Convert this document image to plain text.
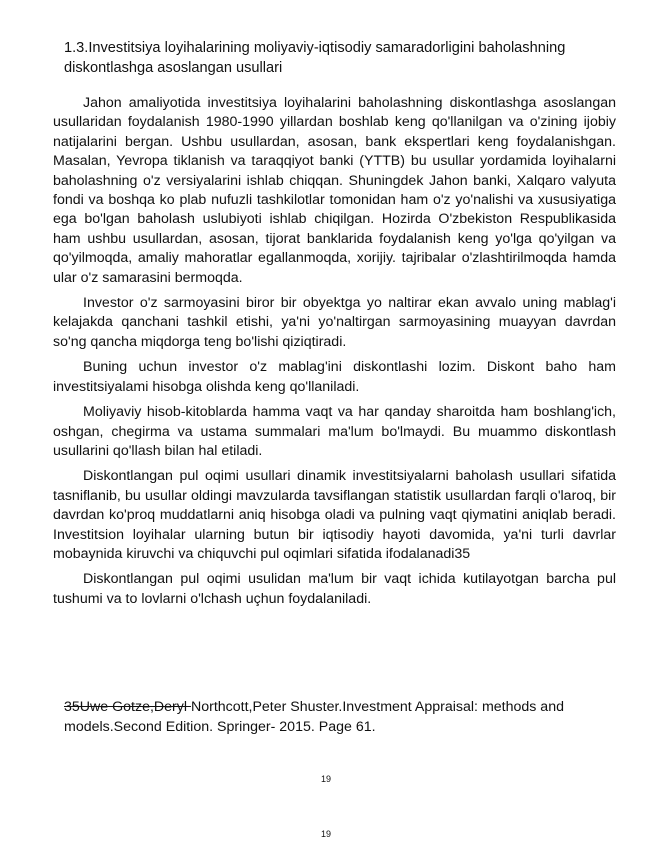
1.3.Investitsiya loyihalarining moliyaviy-iqtisodiy samaradorligini baholashning diskontlashga asoslangan usullari

Jahon amaliyotida investitsiya loyihalarini baholashning diskontlashga asoslangan usullaridan foydalanish 1980-1990 yillardan boshlab keng qo'llanilgan va o'zining ijobiy natijalarini bergan. Ushbu usullardan, asosan, bank ekspertlari keng foydalanishgan. Masalan, Yevropa tiklanish va taraqqiyot banki (YTTB) bu usullar yordamida loyihalarni baholashning o'z versiyalarini ishlab chiqqan. Shuningdek Jahon banki, Xalqaro valyuta fondi va boshqa ko plab nufuzli tashkilotlar tomonidan ham o'z yo'nalishi va xususiyatiga ega bo'lgan baholash uslubiyoti ishlab chiqilgan. Hozirda O'zbekiston Respublikasida ham ushbu usullardan, asosan, tijorat banklarida foydalanish keng yo'lga qo'yilgan va qo'yilmoqda, amaliy mahoratlar egallanmoqda, xorijiy. tajribalar o'zlashtirilmoqda hamda ular o'z samarasini bermoqda.

Investor o'z sarmoyasini biror bir obyektga yo naltirar ekan avvalo uning mablag'i kelajakda qanchani tashkil etishi, ya'ni yo'naltirgan sarmoyasining muayyan davrdan so'ng qancha miqdorga teng bo'lishi qiziqtiradi.

Buning uchun investor o'z mablag'ini diskontlashi lozim. Diskont baho ham investitsiyalami hisobga olishda keng qo'llaniladi.

Moliyaviy hisob-kitoblarda hamma vaqt va har qanday sharoitda ham boshlang'ich, oshgan, chegirma va ustama summalari ma'lum bo'lmaydi. Bu muammo diskontlash usullarini qo'llash bilan hal etiladi.

Diskontlangan pul oqimi usullari dinamik investitsiyalarni baholash usullari sifatida tasniflanib, bu usullar oldingi mavzularda tavsiflangan statistik usullardan farqli o'laroq, bir davrdan ko'proq muddatlarni aniq hisobga oladi va pulning vaqt qiymatini aniqlab beradi. Investitsion loyihalar ularning butun bir iqtisodiy hayoti davomida, ya'ni turli davrlar mobaynida kiruvchi va chiquvchi pul oqimlari sifatida ifodalanadi35

Diskontlangan pul oqimi usulidan ma'lum bir vaqt ichida kutilayotgan barcha pul tushumi va to lovlarni o'lchash uçhun foydalaniladi.

35Uwe Gotze,Deryl Northcott,Peter Shuster.Investment Appraisal: methods and models.Second Edition. Springer- 2015. Page 61.

19
19
